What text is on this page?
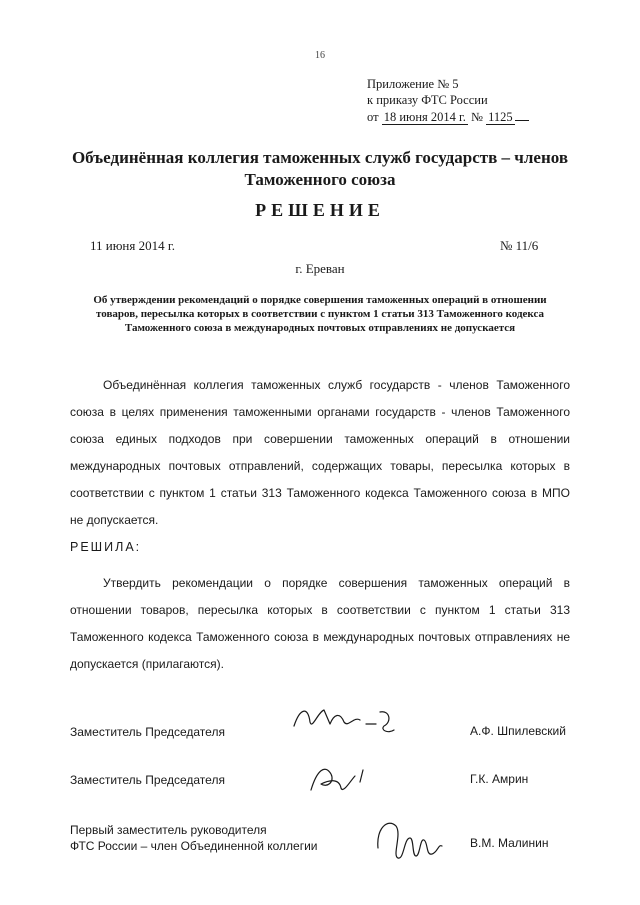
16
Приложение № 5
к приказу ФТС России
от 18 июня 2014 г. № 1125
Объединённая коллегия таможенных служб государств – членов Таможенного союза
РЕШЕНИЕ
11 июня 2014 г.	№ 11/6
г. Ереван
Об утверждении рекомендаций о порядке совершения таможенных операций в отношении товаров, пересылка которых в соответствии с пунктом 1 статьи 313 Таможенного кодекса Таможенного союза в международных почтовых отправлениях не допускается
Объединённая коллегия таможенных служб государств - членов Таможенного союза в целях применения таможенными органами государств - членов Таможенного союза единых подходов при совершении таможенных операций в отношении международных почтовых отправлений, содержащих товары, пересылка которых в соответствии с пунктом 1 статьи 313 Таможенного кодекса Таможенного союза в МПО не допускается.
РЕШИЛА:
Утвердить рекомендации о порядке совершения таможенных операций в отношении товаров, пересылка которых в соответствии с пунктом 1 статьи 313 Таможенного кодекса Таможенного союза в международных почтовых отправлениях не допускается (прилагаются).
Заместитель Председателя	А.Ф. Шпилевский
Заместитель Председателя	Г.К. Амрин
Первый заместитель руководителя
ФТС России – член Объединенной коллегии	В.М. Малинин
